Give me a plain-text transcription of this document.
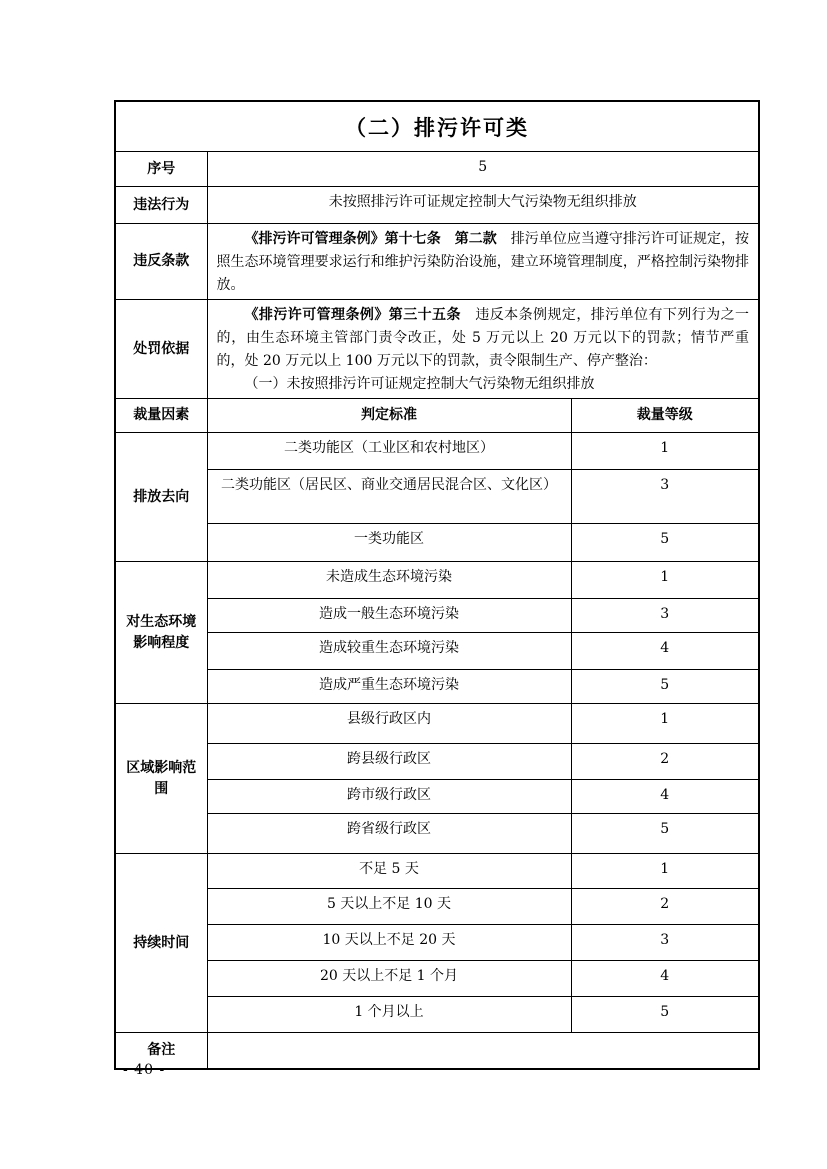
（二）排污许可类		
序号	5	
违法行为	未按照排污许可证规定控制大气污染物无组织排放	
违反条款	《排污许可管理条例》第十七条　第二款　排污单位应当遵守排污许可证规定，按照生态环境管理要求运行和维护污染防治设施，建立环境管理制度，严格控制污染物排放。	

处罚依据	《排污许可管理条例》第三十五条　违反本条例规定，排污单位有下列行为之一的，由生态环境主管部门责令改正，处 5 万元以上 20 万元以下的罚款；情节严重的，处 20 万元以上 100 万元以下的罚款，责令限制生产、停产整治：

（一）未按照排污许可证规定控制大气污染物无组织排放	

裁量因素	判定标准	裁量等级
排放去向	二类功能区（工业区和农村地区）	1
	二类功能区（居民区、商业交通居民混合区、文化区）	3
	一类功能区	5
对生态环境影响程度	未造成生态环境污染	1
	造成一般生态环境污染	3
	造成较重生态环境污染	4
	造成严重生态环境污染	5
区域影响范围	县级行政区内	1
	跨县级行政区	2
	跨市级行政区	4
	跨省级行政区	5
持续时间	不足 5 天	1
	5 天以上不足 10 天	2
	10 天以上不足 20 天	3
	20 天以上不足 1 个月	4
	1 个月以上	5
备注		
- 40 -
